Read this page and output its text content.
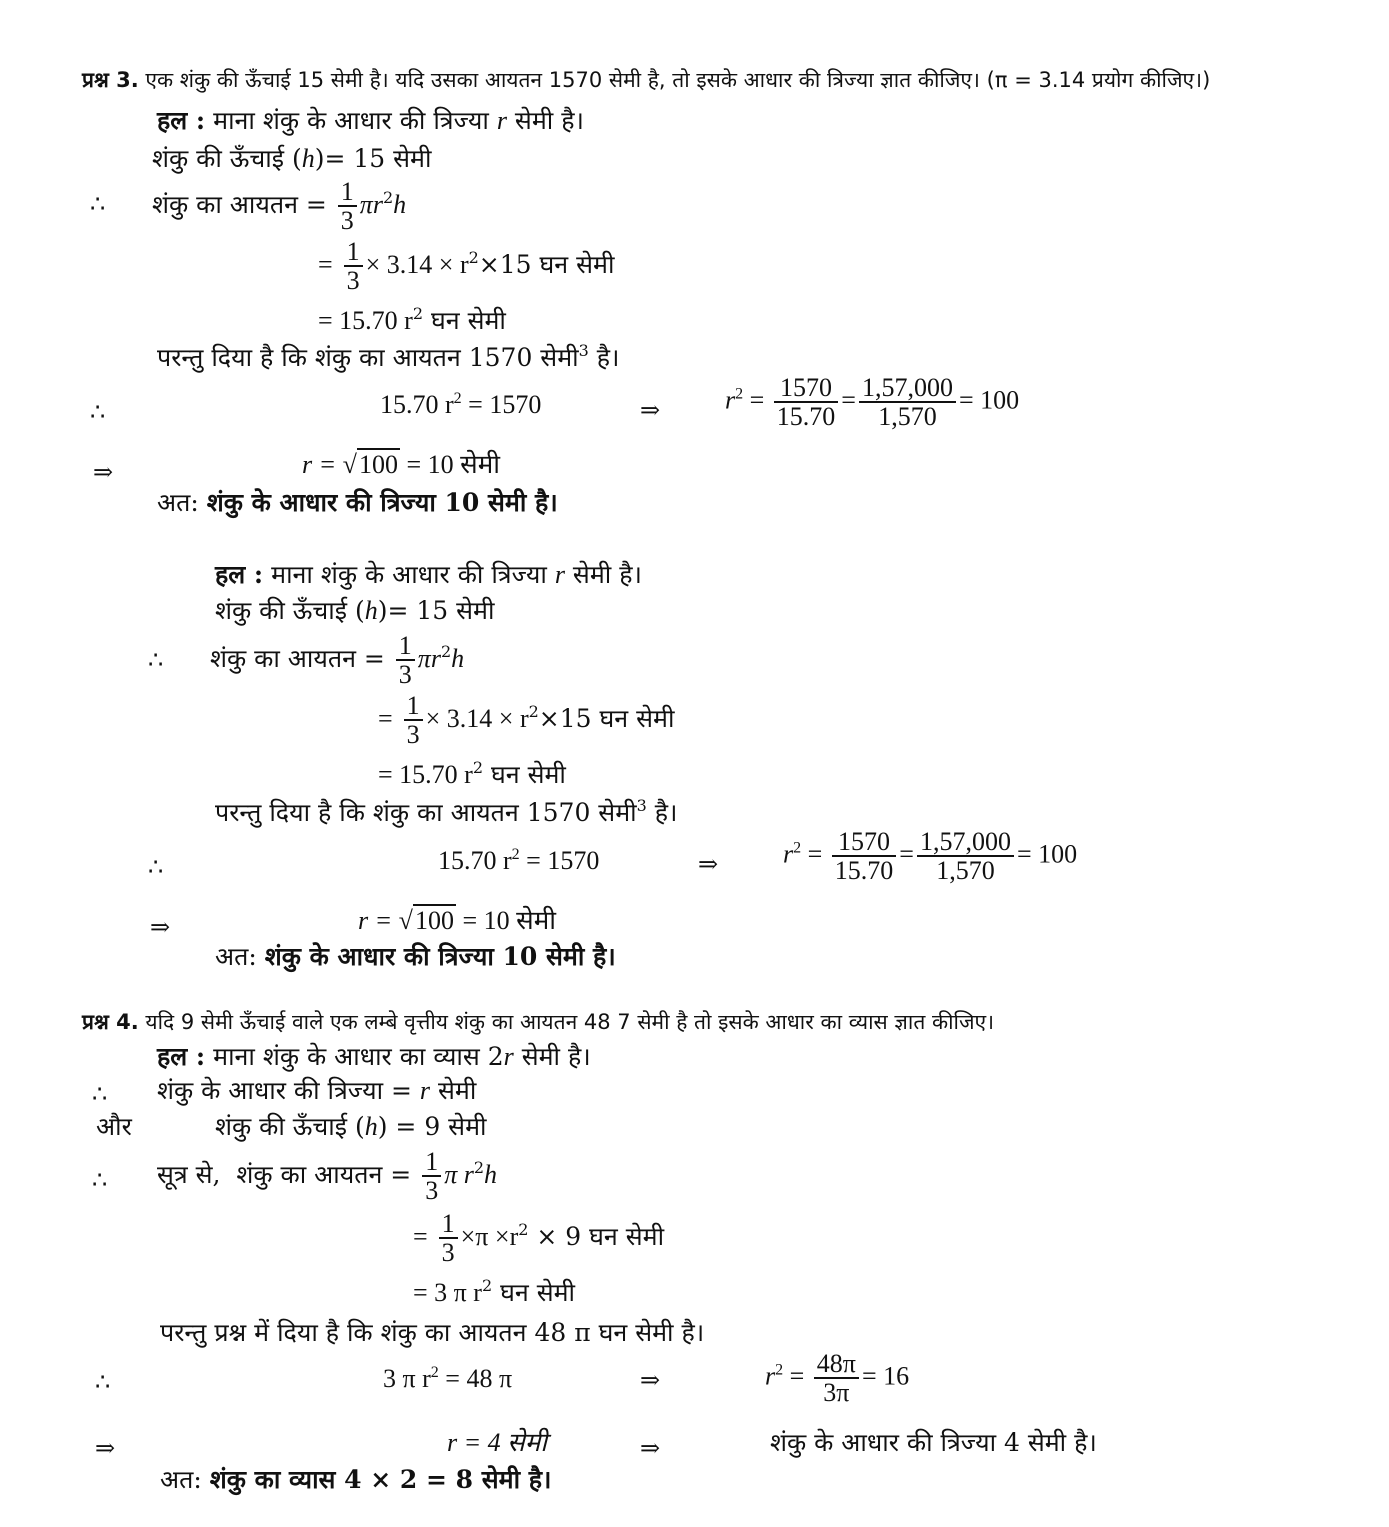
प्रश्न 3. एक शंकु की ऊँचाई 15 सेमी है। यदि उसका आयतन 1570 सेमी है, तो इसके आधार की त्रिज्या ज्ञात कीजिए। (π = 3.14 प्रयोग कीजिए।)
हल : माना शंकु के आधार की त्रिज्या r सेमी है।
शंकु की ऊँचाई (h)= 15 सेमी
∴ शंकु का आयतन = $\frac{1}{3} \pi r^2h$
= $\frac{1}{3} \times 3.14 \times r^2\times 15$ घन सेमी
= 15.70 $r^2$ घन सेमी
परन्तु दिया है कि शंकु का आयतन 1570 सेमी$^3$ है।
∴	15.70 $r^2 = 1570$	⇒ $r^2 = \frac{1570}{15.70} = \frac{1,57,000}{1,570} = 100$
⇒	r = √100 = 10 सेमी
अत: शंकु के आधार की त्रिज्या 10 सेमी है।
हल : माना शंकु के आधार की त्रिज्या r सेमी है।
शंकु की ऊँचाई (h)= 15 सेमी
∴ शंकु का आयतन = $\frac{1}{3} \pi r^2h$
= $\frac{1}{3} \times 3.14 \times r^2\times 15$ घन सेमी
= 15.70 $r^2$ घन सेमी
परन्तु दिया है कि शंकु का आयतन 1570 सेमी$^3$ है।
∴	15.70 $r^2 = 1570$	⇒ $r^2 = \frac{1570}{15.70} = \frac{1,57,000}{1,570} = 100$
⇒	r = √100 = 10 सेमी
अत: शंकु के आधार की त्रिज्या 10 सेमी है।
प्रश्न 4. यदि 9 सेमी ऊँचाई वाले एक लम्बे वृत्तीय शंकु का आयतन 48 7 सेमी है तो इसके आधार का व्यास ज्ञात कीजिए।
हल : माना शंकु के आधार का व्यास 2r सेमी है।
∴ शंकु के आधार की त्रिज्या = r सेमी
और	शंकु की ऊँचाई (h) = 9 सेमी
∴ सूत्र से, शंकु का आयतन = $\frac{1}{3}$ π $r^2h$
= $\frac{1}{3} \times\pi \times r^2 \times 9$ घन सेमी
= 3 π $r^2$ घन सेमी
परन्तु प्रश्न में दिया है कि शंकु का आयतन 48 π घन सेमी है।
∴	3 π $r^2 = 48$ π	⇒	$r^2 = \frac{48\pi}{3\pi} = 16$
⇒	r = 4 सेमी	⇒	शंकु के आधार की त्रिज्या 4 सेमी है।
अत: शंकु का व्यास 4 × 2 = 8 सेमी है।
